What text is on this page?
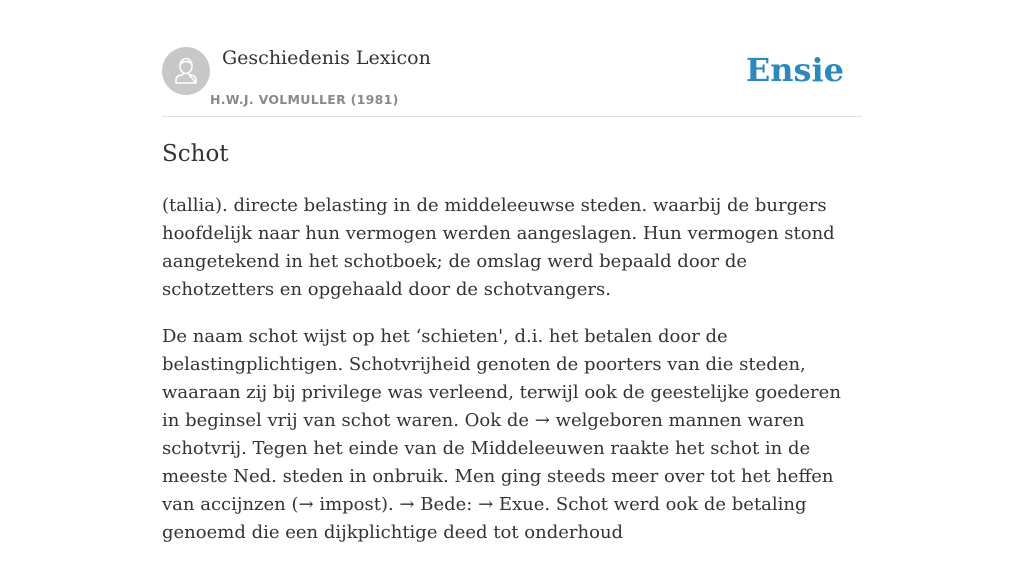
Geschiedenis Lexicon
H.W.J. VOLMULLER (1981)
Ensie
Schot

(tallia). directe belasting in de middeleeuwse steden. waarbij de burgers hoofdelijk naar hun vermogen werden aangeslagen. Hun vermogen stond aangetekend in het schotboek; de omslag werd bepaald door de schotzetters en opgehaald door de schotvangers.

De naam schot wijst op het ‘schieten', d.i. het betalen door de belastingplichtigen. Schotvrijheid genoten de poorters van die steden, waaraan zij bij privilege was verleend, terwijl ook de geestelijke goederen in beginsel vrij van schot waren. Ook de → welgeboren mannen waren schotvrij. Tegen het einde van de Middeleeuwen raakte het schot in de meeste Ned. steden in onbruik. Men ging steeds meer over tot het heffen van accijnzen (→ impost). → Bede: → Exue. Schot werd ook de betaling genoemd die een dijkplichtige deed tot onderhoud
